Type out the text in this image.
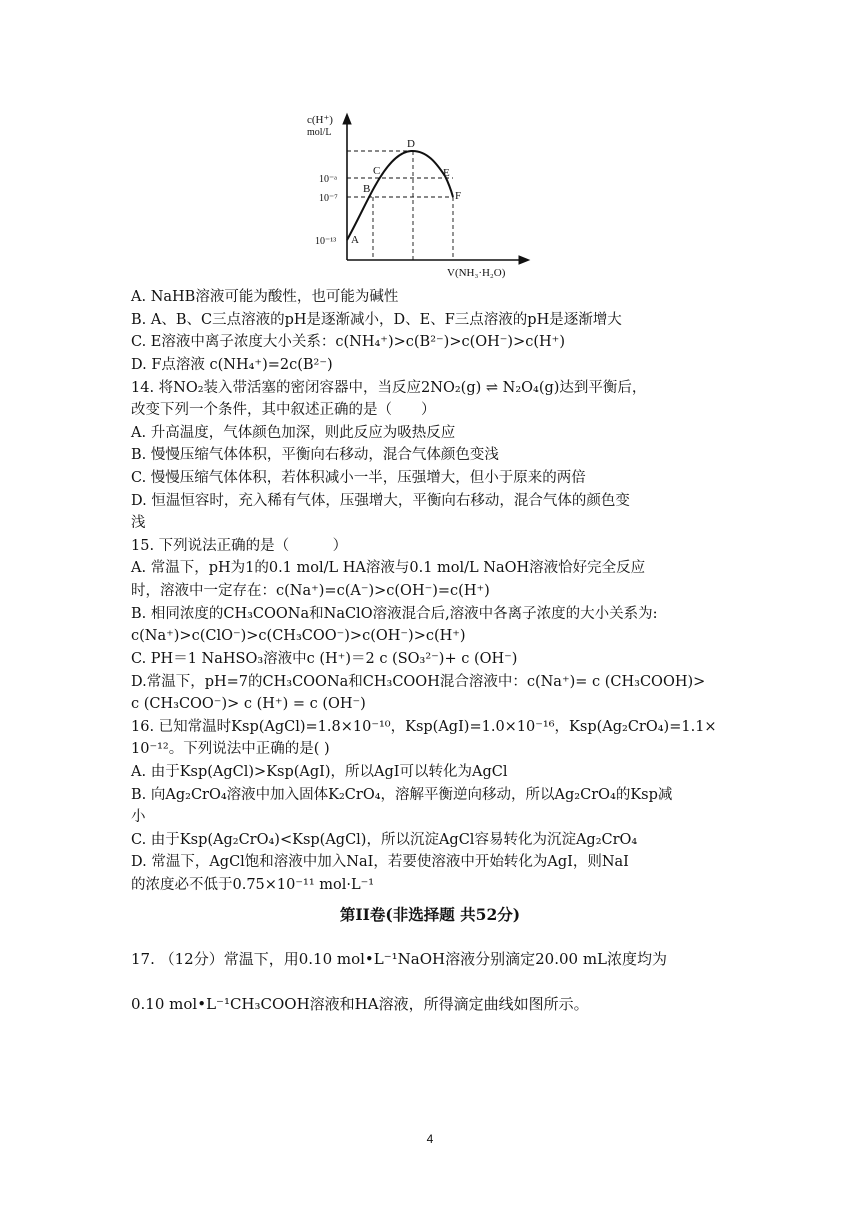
c(H⁺)
mol/L
10⁻ᵃ
10⁻⁷
10⁻¹³ A
B
C
D
E
F
V(NH₃·H₂O)
A. NaHB溶液可能为酸性，也可能为碱性
B. A、B、C三点溶液的pH是逐渐减小，D、E、F三点溶液的pH是逐渐增大
C. E溶液中离子浓度大小关系：c(NH₄⁺)>c(B²⁻)>c(OH⁻)>c(H⁺)
D. F点溶液 c(NH₄⁺)=2c(B²⁻)
14. 将NO₂装入带活塞的密闭容器中，当反应2NO₂(g) ⇌ N₂O₄(g)达到平衡后，
改变下列一个条件，其中叙述正确的是（　　）
A. 升高温度，气体颜色加深，则此反应为吸热反应
B. 慢慢压缩气体体积，平衡向右移动，混合气体颜色变浅
C. 慢慢压缩气体体积，若体积减小一半，压强增大，但小于原来的两倍
D. 恒温恒容时，充入稀有气体，压强增大，平衡向右移动，混合气体的颜色变
浅
15. 下列说法正确的是（　　　）
A. 常温下，pH为1的0.1 mol/L HA溶液与0.1 mol/L NaOH溶液恰好完全反应
时，溶液中一定存在：c(Na⁺)=c(A⁻)>c(OH⁻)=c(H⁺)
B. 相同浓度的CH₃COONa和NaClO溶液混合后,溶液中各离子浓度的大小关系为:
c(Na⁺)>c(ClO⁻)>c(CH₃COO⁻)>c(OH⁻)>c(H⁺)
C. PH＝1 NaHSO₃溶液中c (H⁺)＝2 c (SO₃²⁻)+ c (OH⁻)
D.常温下，pH=7的CH₃COONa和CH₃COOH混合溶液中：c(Na⁺)= c (CH₃COOH)>
c (CH₃COO⁻)> c (H⁺) = c (OH⁻)
16. 已知常温时Ksp(AgCl)=1.8×10⁻¹⁰，Ksp(AgI)=1.0×10⁻¹⁶，Ksp(Ag₂CrO₄)=1.1×
10⁻¹²。下列说法中正确的是( )
A. 由于Ksp(AgCl)>Ksp(AgI)，所以AgI可以转化为AgCl
B. 向Ag₂CrO₄溶液中加入固体K₂CrO₄，溶解平衡逆向移动，所以Ag₂CrO₄的Ksp减
小
C. 由于Ksp(Ag₂CrO₄)<Ksp(AgCl)，所以沉淀AgCl容易转化为沉淀Ag₂CrO₄
D. 常温下，AgCl饱和溶液中加入NaI，若要使溶液中开始转化为AgI，则NaI
的浓度必不低于0.75×10⁻¹¹ mol·L⁻¹
第II卷(非选择题 共52分)
17. （12分）常温下，用0.10 mol•L⁻¹NaOH溶液分别滴定20.00 mL浓度均为
0.10 mol•L⁻¹CH₃COOH溶液和HA溶液，所得滴定曲线如图所示。
4
